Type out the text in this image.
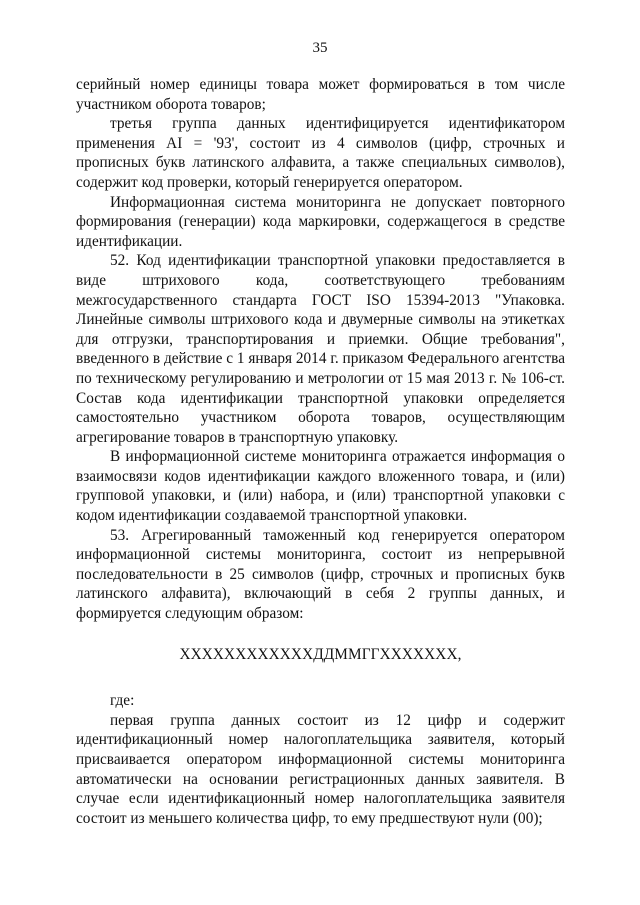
35

серийный номер единицы товара может формироваться в том числе участником оборота товаров;

третья группа данных идентифицируется идентификатором применения AI = '93', состоит из 4 символов (цифр, строчных и прописных букв латинского алфавита, а также специальных символов), содержит код проверки, который генерируется оператором.

Информационная система мониторинга не допускает повторного формирования (генерации) кода маркировки, содержащегося в средстве идентификации.

52. Код идентификации транспортной упаковки предоставляется в виде штрихового кода, соответствующего требованиям межгосударственного стандарта ГОСТ ISO 15394-2013 "Упаковка. Линейные символы штрихового кода и двумерные символы на этикетках для отгрузки, транспортирования и приемки. Общие требования", введенного в действие с 1 января 2014 г. приказом Федерального агентства по техническому регулированию и метрологии от 15 мая 2013 г. № 106-ст. Состав кода идентификации транспортной упаковки определяется самостоятельно участником оборота товаров, осуществляющим агрегирование товаров в транспортную упаковку.

В информационной системе мониторинга отражается информация о взаимосвязи кодов идентификации каждого вложенного товара, и (или) групповой упаковки, и (или) набора, и (или) транспортной упаковки с кодом идентификации создаваемой транспортной упаковки.

53. Агрегированный таможенный код генерируется оператором информационной системы мониторинга, состоит из непрерывной последовательности в 25 символов (цифр, строчных и прописных букв латинского алфавита), включающий в себя 2 группы данных, и формируется следующим образом:

XXXXXXXXXXXXДДММГГXXXXXXX,

где:

первая группа данных состоит из 12 цифр и содержит идентификационный номер налогоплательщика заявителя, который присваивается оператором информационной системы мониторинга автоматически на основании регистрационных данных заявителя. В случае если идентификационный номер налогоплательщика заявителя состоит из меньшего количества цифр, то ему предшествуют нули (00);
